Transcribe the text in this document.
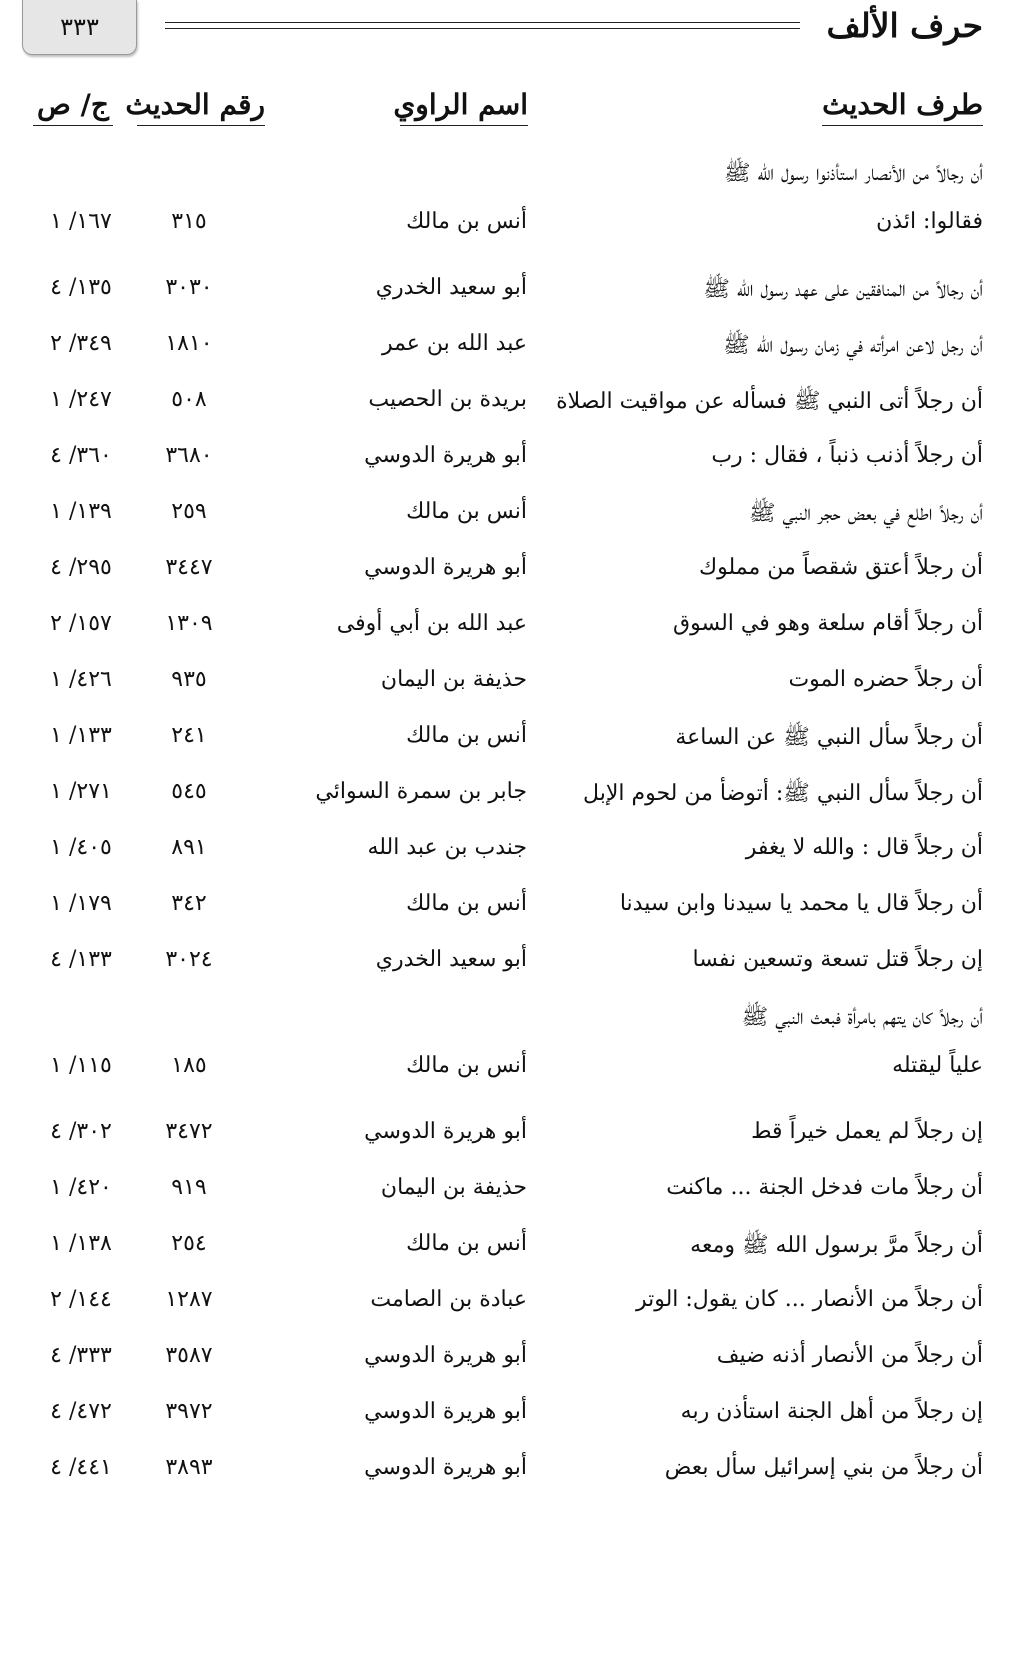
٣٣٣	حرف الألف
طرف الحديث
اسم الراوي
رقم الحديث
ج/ ص
أن رجالاً من الأنصار استأذنوا رسول الله ﷺ
فقالوا: ائذن
أنس بن مالك
٣١٥
١٦٧/ ١
أن رجالاً من المنافقين على عهد رسول الله ﷺ
أبو سعيد الخدري
٣٠٣٠
١٣٥/ ٤
أن رجل لاعن امرأته في زمان رسول الله ﷺ
عبد الله بن عمر
١٨١٠
٣٤٩/ ٢
أن رجلاً أتى النبي ﷺ فسأله عن مواقيت الصلاة
بريدة بن الحصيب
٥٠٨
٢٤٧/ ١
أن رجلاً أذنب ذنباً ، فقال : رب
أبو هريرة الدوسي
٣٦٨٠
٣٦٠/ ٤
أن رجلاً اطلع في بعض حجر النبي ﷺ
أنس بن مالك
٢٥٩
١٣٩/ ١
أن رجلاً أعتق شقصاً من مملوك
أبو هريرة الدوسي
٣٤٤٧
٢٩٥/ ٤
أن رجلاً أقام سلعة وهو في السوق
عبد الله بن أبي أوفى
١٣٠٩
١٥٧/ ٢
أن رجلاً حضره الموت
حذيفة بن اليمان
٩٣٥
٤٢٦/ ١
أن رجلاً سأل النبي ﷺ عن الساعة
أنس بن مالك
٢٤١
١٣٣/ ١
أن رجلاً سأل النبي ﷺ: أتوضأ من لحوم الإبل
جابر بن سمرة السوائي
٥٤٥
٢٧١/ ١
أن رجلاً قال : والله لا يغفر
جندب بن عبد الله
٨٩١
٤٠٥/ ١
أن رجلاً قال يا محمد يا سيدنا وابن سيدنا
أنس بن مالك
٣٤٢
١٧٩/ ١
إن رجلاً قتل تسعة وتسعين نفسا
أبو سعيد الخدري
٣٠٢٤
١٣٣/ ٤
أن رجلاً كان يتهم بامرأة فبعث النبي ﷺ
علياً ليقتله
أنس بن مالك
١٨٥
١١٥/ ١
إن رجلاً لم يعمل خيراً قط
أبو هريرة الدوسي
٣٤٧٢
٣٠٢/ ٤
أن رجلاً مات فدخل الجنة ... ماكنت
حذيفة بن اليمان
٩١٩
٤٢٠/ ١
أن رجلاً مرَّ برسول الله ﷺ ومعه
أنس بن مالك
٢٥٤
١٣٨/ ١
أن رجلاً من الأنصار ... كان يقول: الوتر
عبادة بن الصامت
١٢٨٧
١٤٤/ ٢
أن رجلاً من الأنصار أذنه ضيف
أبو هريرة الدوسي
٣٥٨٧
٣٣٣/ ٤
إن رجلاً من أهل الجنة استأذن ربه
أبو هريرة الدوسي
٣٩٧٢
٤٧٢/ ٤
أن رجلاً من بني إسرائيل سأل بعض
أبو هريرة الدوسي
٣٨٩٣
٤٤١/ ٤
